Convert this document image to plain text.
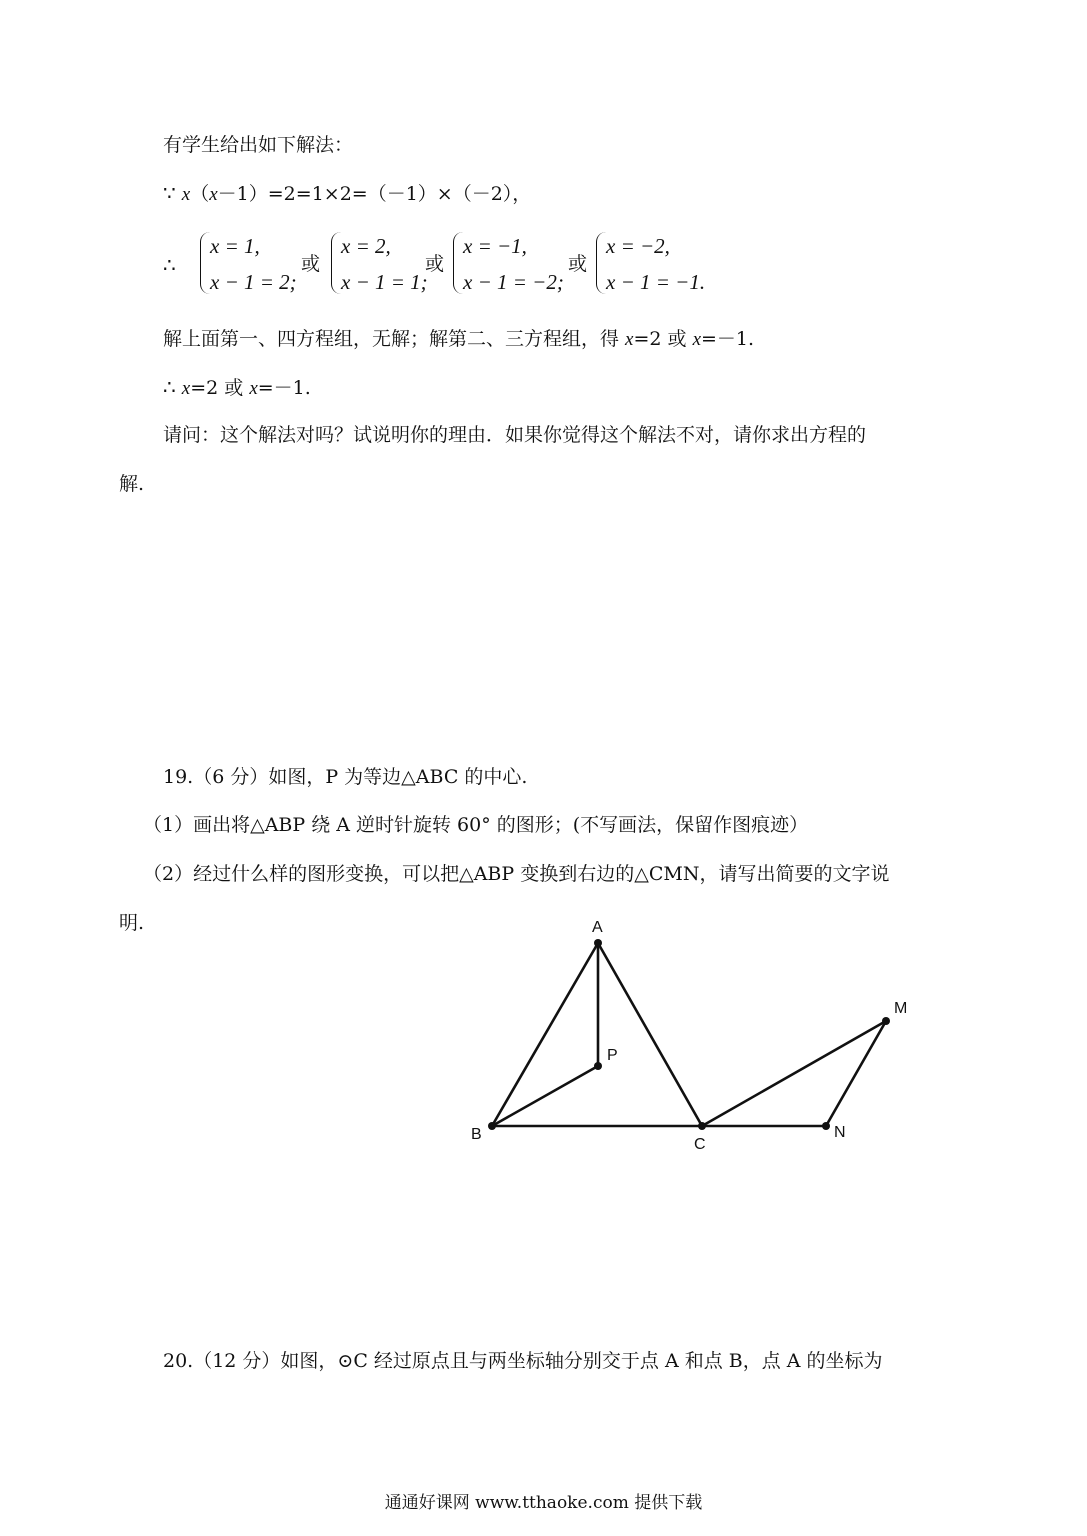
有学生给出如下解法：
∵ x（x－1）=2=1×2=（－1）×（－2），
∴
x = 1,
x − 1 = 2;
或
x = 2,
x − 1 = 1;
或
x = −1,
x − 1 = −2;
或
x = −2,
x − 1 = −1.
解上面第一、四方程组，无解；解第二、三方程组，得 x=2 或 x=－1.
∴ x=2 或 x=－1.
请问：这个解法对吗？试说明你的理由．如果你觉得这个解法不对，请你求出方程的
解.
19.（6 分）如图，P 为等边△ABC 的中心.
（1）画出将△ABP 绕 A 逆时针旋转 60° 的图形；(不写画法，保留作图痕迹）
（2）经过什么样的图形变换，可以把△ABP 变换到右边的△CMN，请写出简要的文字说
明.	A
P
B
C
N
M
20.（12 分）如图，⊙C 经过原点且与两坐标轴分别交于点 A 和点 B，点 A 的坐标为
通通好课网 www.tthaoke.com 提供下载
